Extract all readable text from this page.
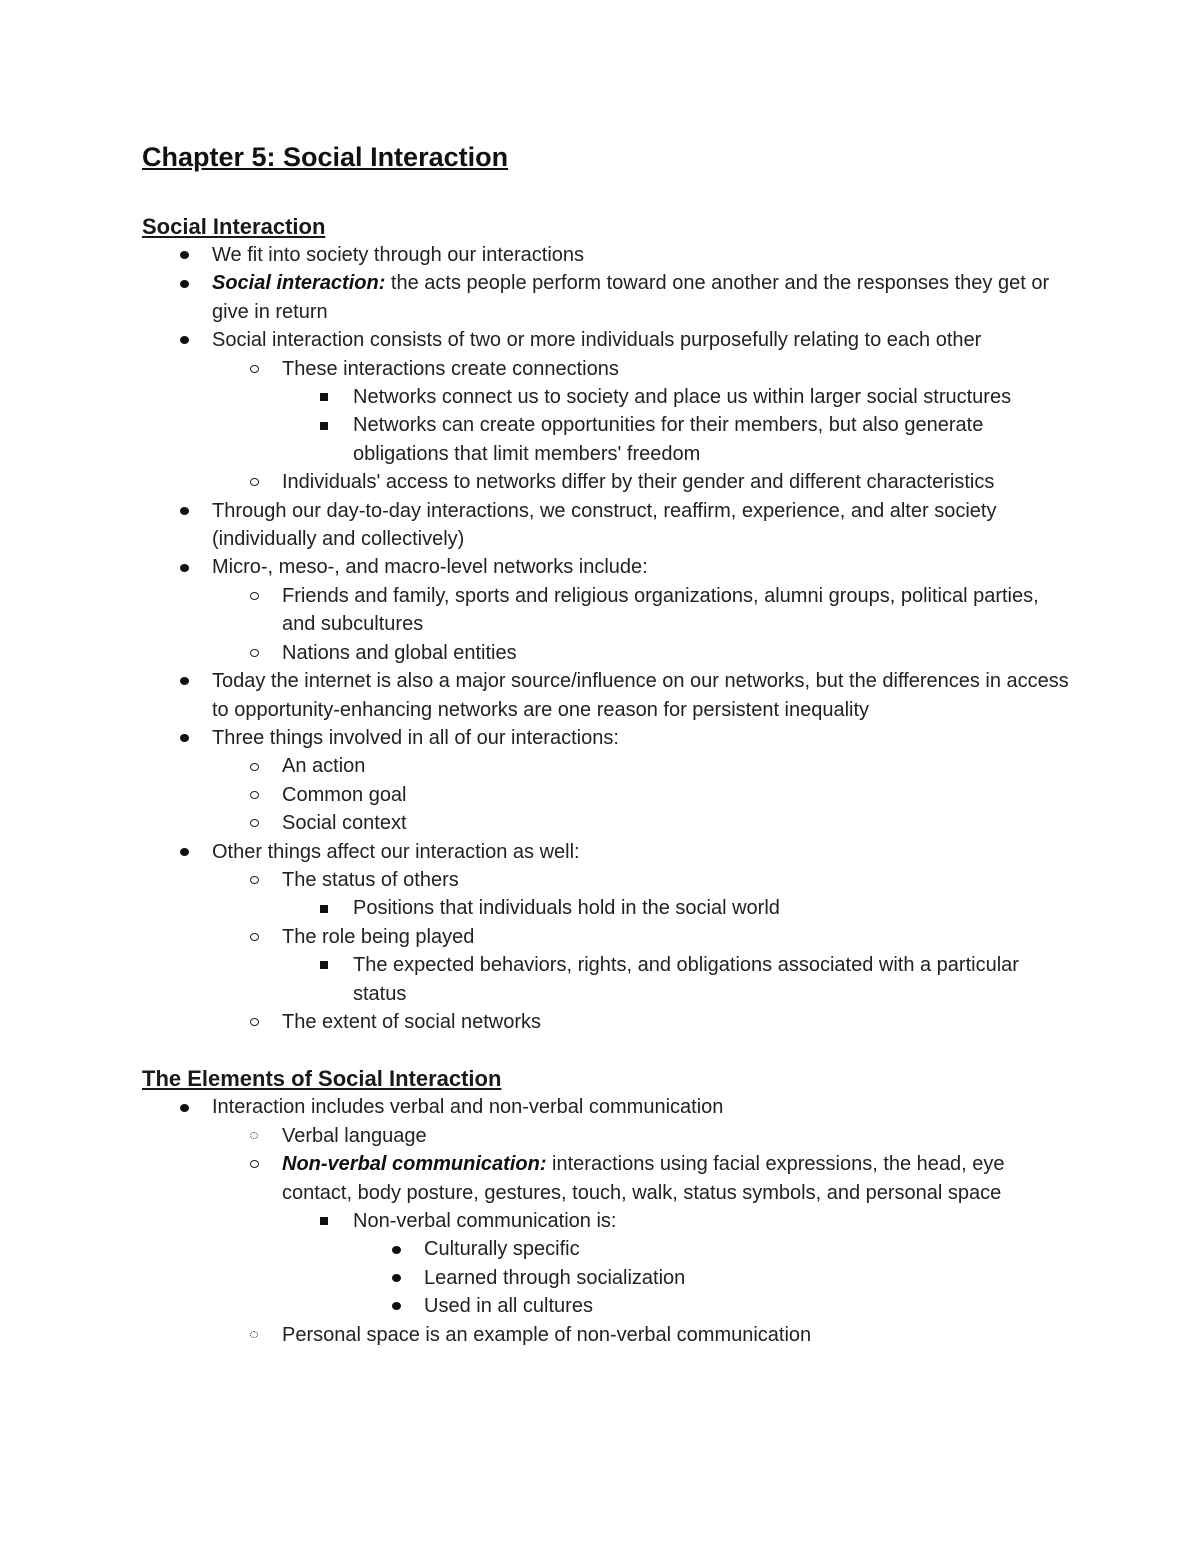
Chapter 5: Social Interaction
Social Interaction
We fit into society through our interactions
Social interaction: the acts people perform toward one another and the responses they get or give in return
Social interaction consists of two or more individuals purposefully relating to each other
These interactions create connections
Networks connect us to society and place us within larger social structures
Networks can create opportunities for their members, but also generate obligations that limit members' freedom
Individuals' access to networks differ by their gender and different characteristics
Through our day-to-day interactions, we construct, reaffirm, experience, and alter society (individually and collectively)
Micro-, meso-, and macro-level networks include:
Friends and family, sports and religious organizations, alumni groups, political parties, and subcultures
Nations and global entities
Today the internet is also a major source/influence on our networks, but the differences in access to opportunity-enhancing networks are one reason for persistent inequality
Three things involved in all of our interactions:
An action
Common goal
Social context
Other things affect our interaction as well:
The status of others
Positions that individuals hold in the social world
The role being played
The expected behaviors, rights, and obligations associated with a particular status
The extent of social networks
The Elements of Social Interaction
Interaction includes verbal and non-verbal communication
Verbal language
Non-verbal communication: interactions using facial expressions, the head, eye contact, body posture, gestures, touch, walk, status symbols, and personal space
Non-verbal communication is:
Culturally specific
Learned through socialization
Used in all cultures
Personal space is an example of non-verbal communication
